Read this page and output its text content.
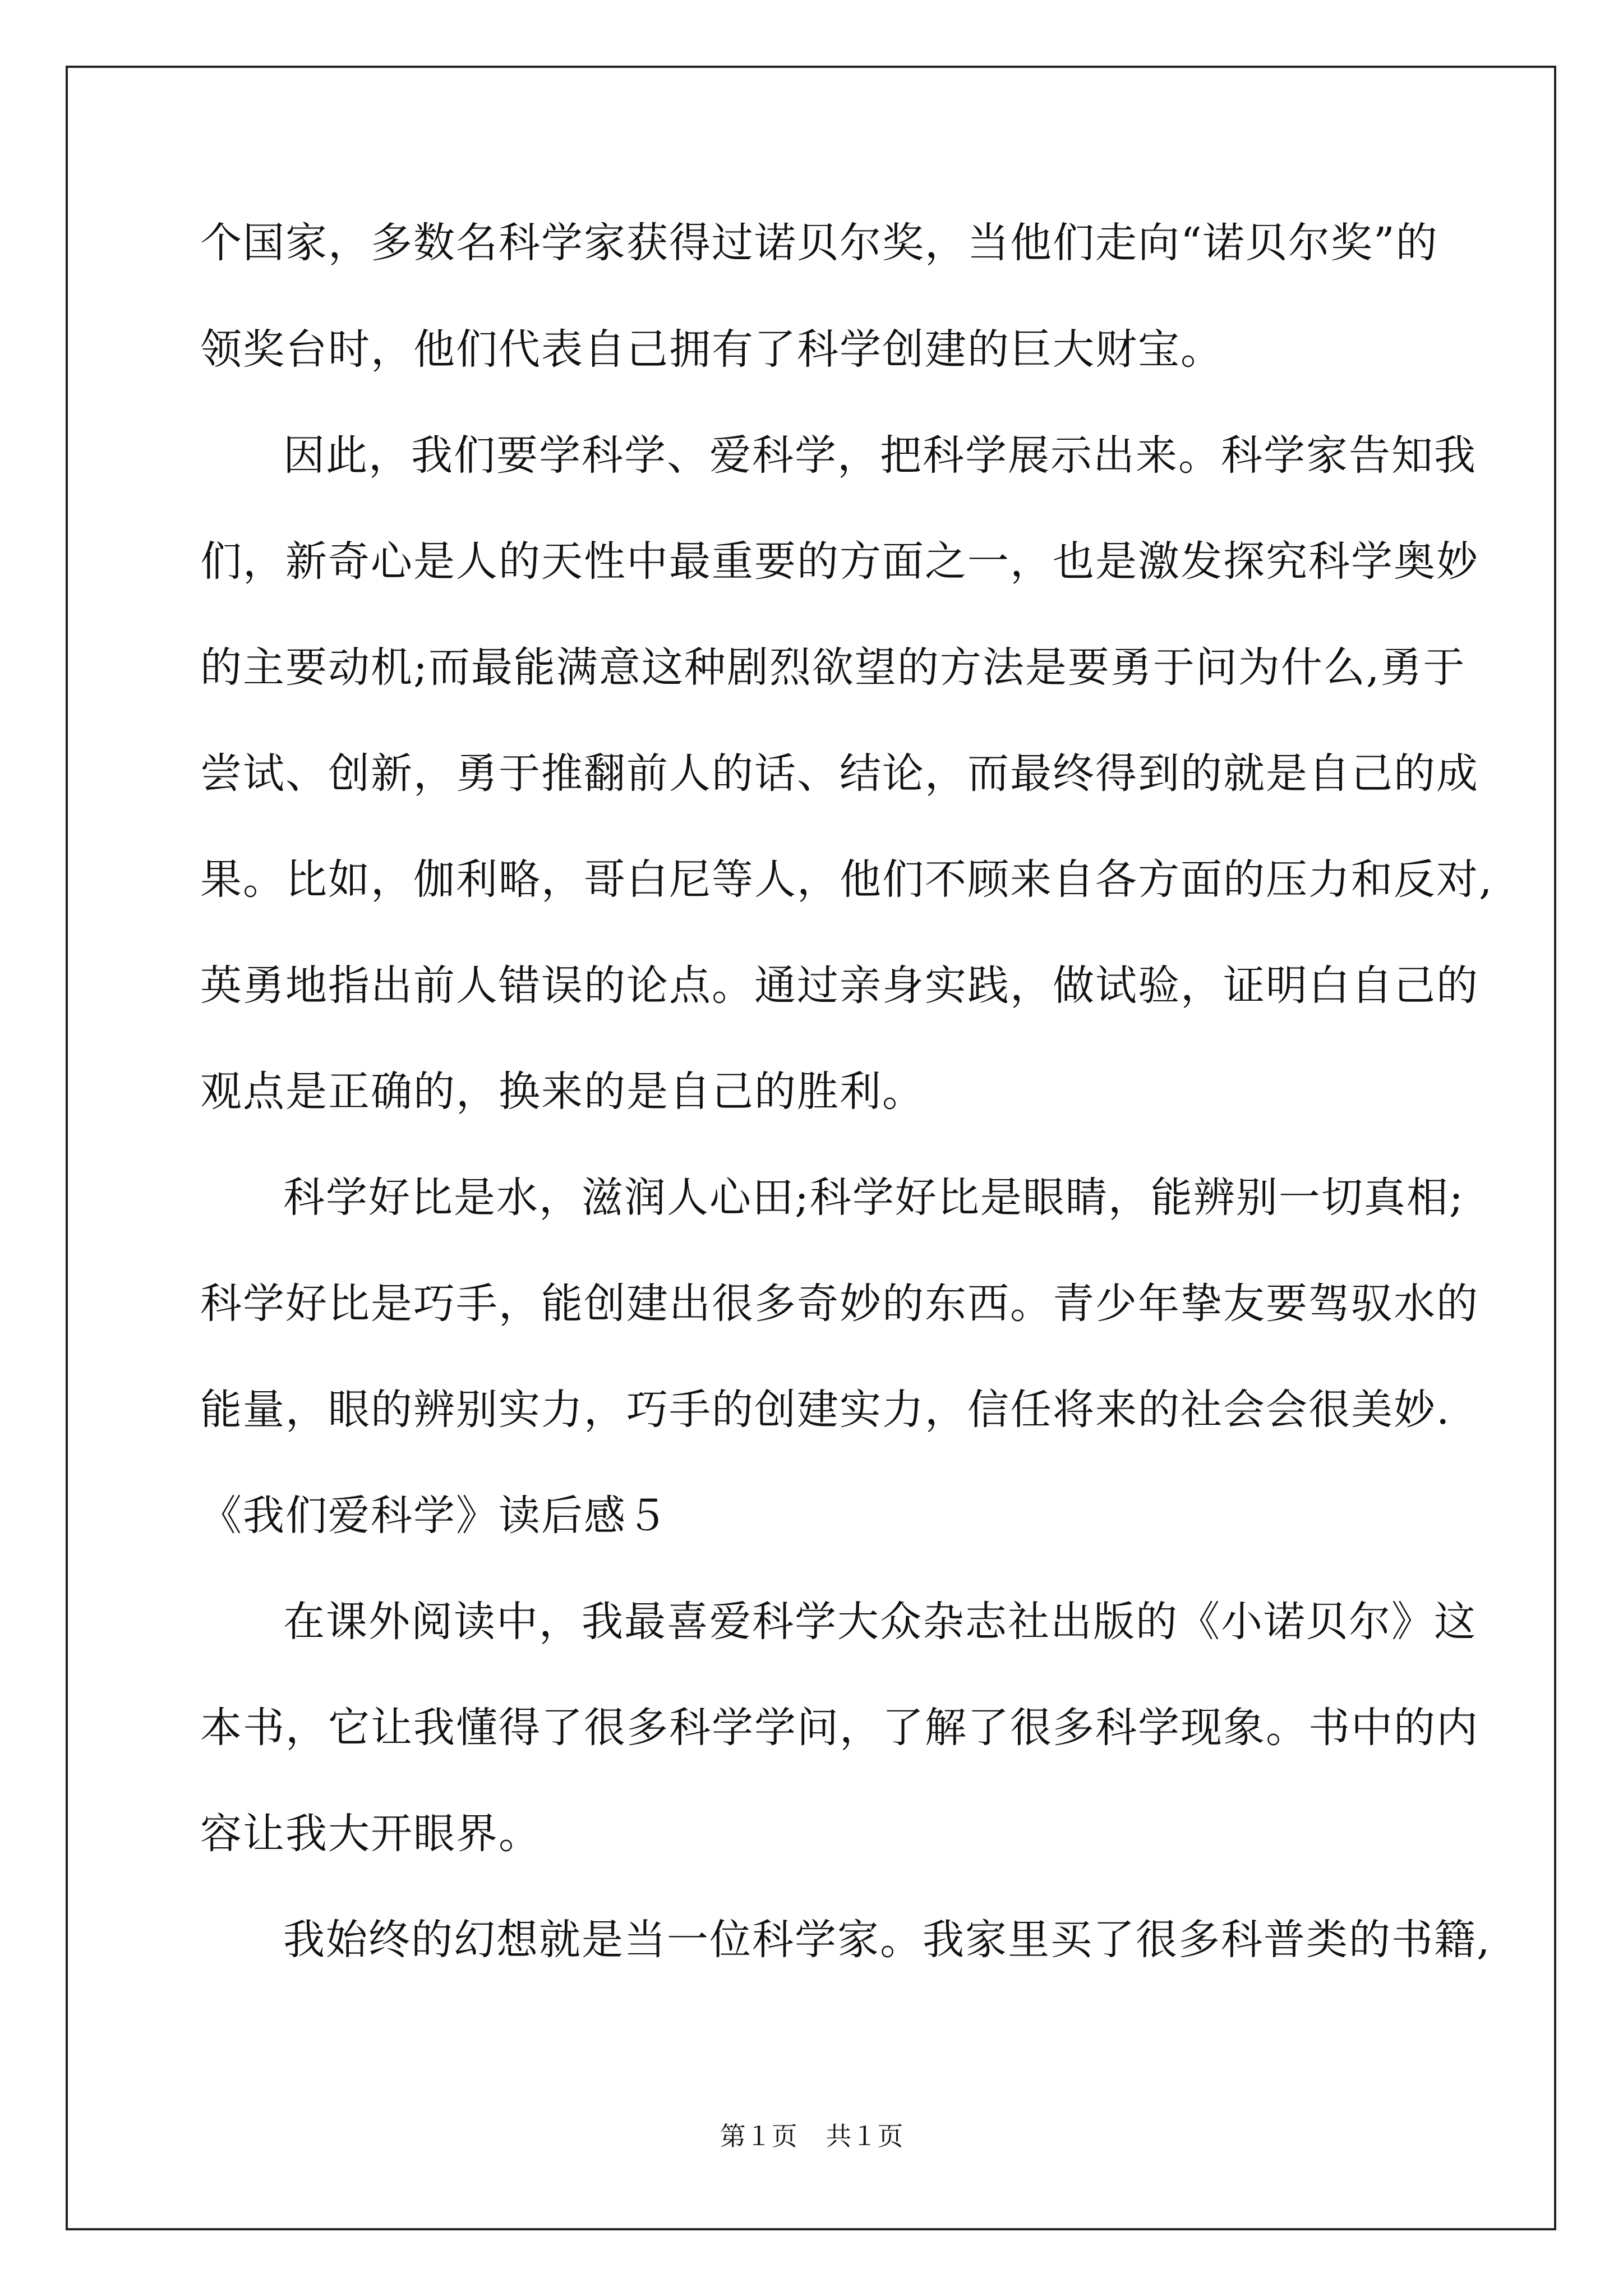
个国家，多数名科学家获得过诺贝尔奖，当他们走向“诺贝尔奖”的
领奖台时，他们代表自己拥有了科学创建的巨大财宝。
因此，我们要学科学、爱科学，把科学展示出来。科学家告知我
们，新奇心是人的天性中最重要的方面之一，也是激发探究科学奥妙
的主要动机;而最能满意这种剧烈欲望的方法是要勇于问为什么,勇于
尝试、创新，勇于推翻前人的话、结论，而最终得到的就是自己的成
果。比如，伽利略，哥白尼等人，他们不顾来自各方面的压力和反对,
英勇地指出前人错误的论点。通过亲身实践，做试验，证明白自己的
观点是正确的，换来的是自己的胜利。
科学好比是水，滋润人心田;科学好比是眼睛，能辨别一切真相;
科学好比是巧手，能创建出很多奇妙的东西。青少年挚友要驾驭水的
能量，眼的辨别实力，巧手的创建实力，信任将来的社会会很美妙.
《我们爱科学》读后感５
在课外阅读中，我最喜爱科学大众杂志社出版的《小诺贝尔》这
本书，它让我懂得了很多科学学问，了解了很多科学现象。书中的内
容让我大开眼界。
我始终的幻想就是当一位科学家。我家里买了很多科普类的书籍,
第１页 共１页
